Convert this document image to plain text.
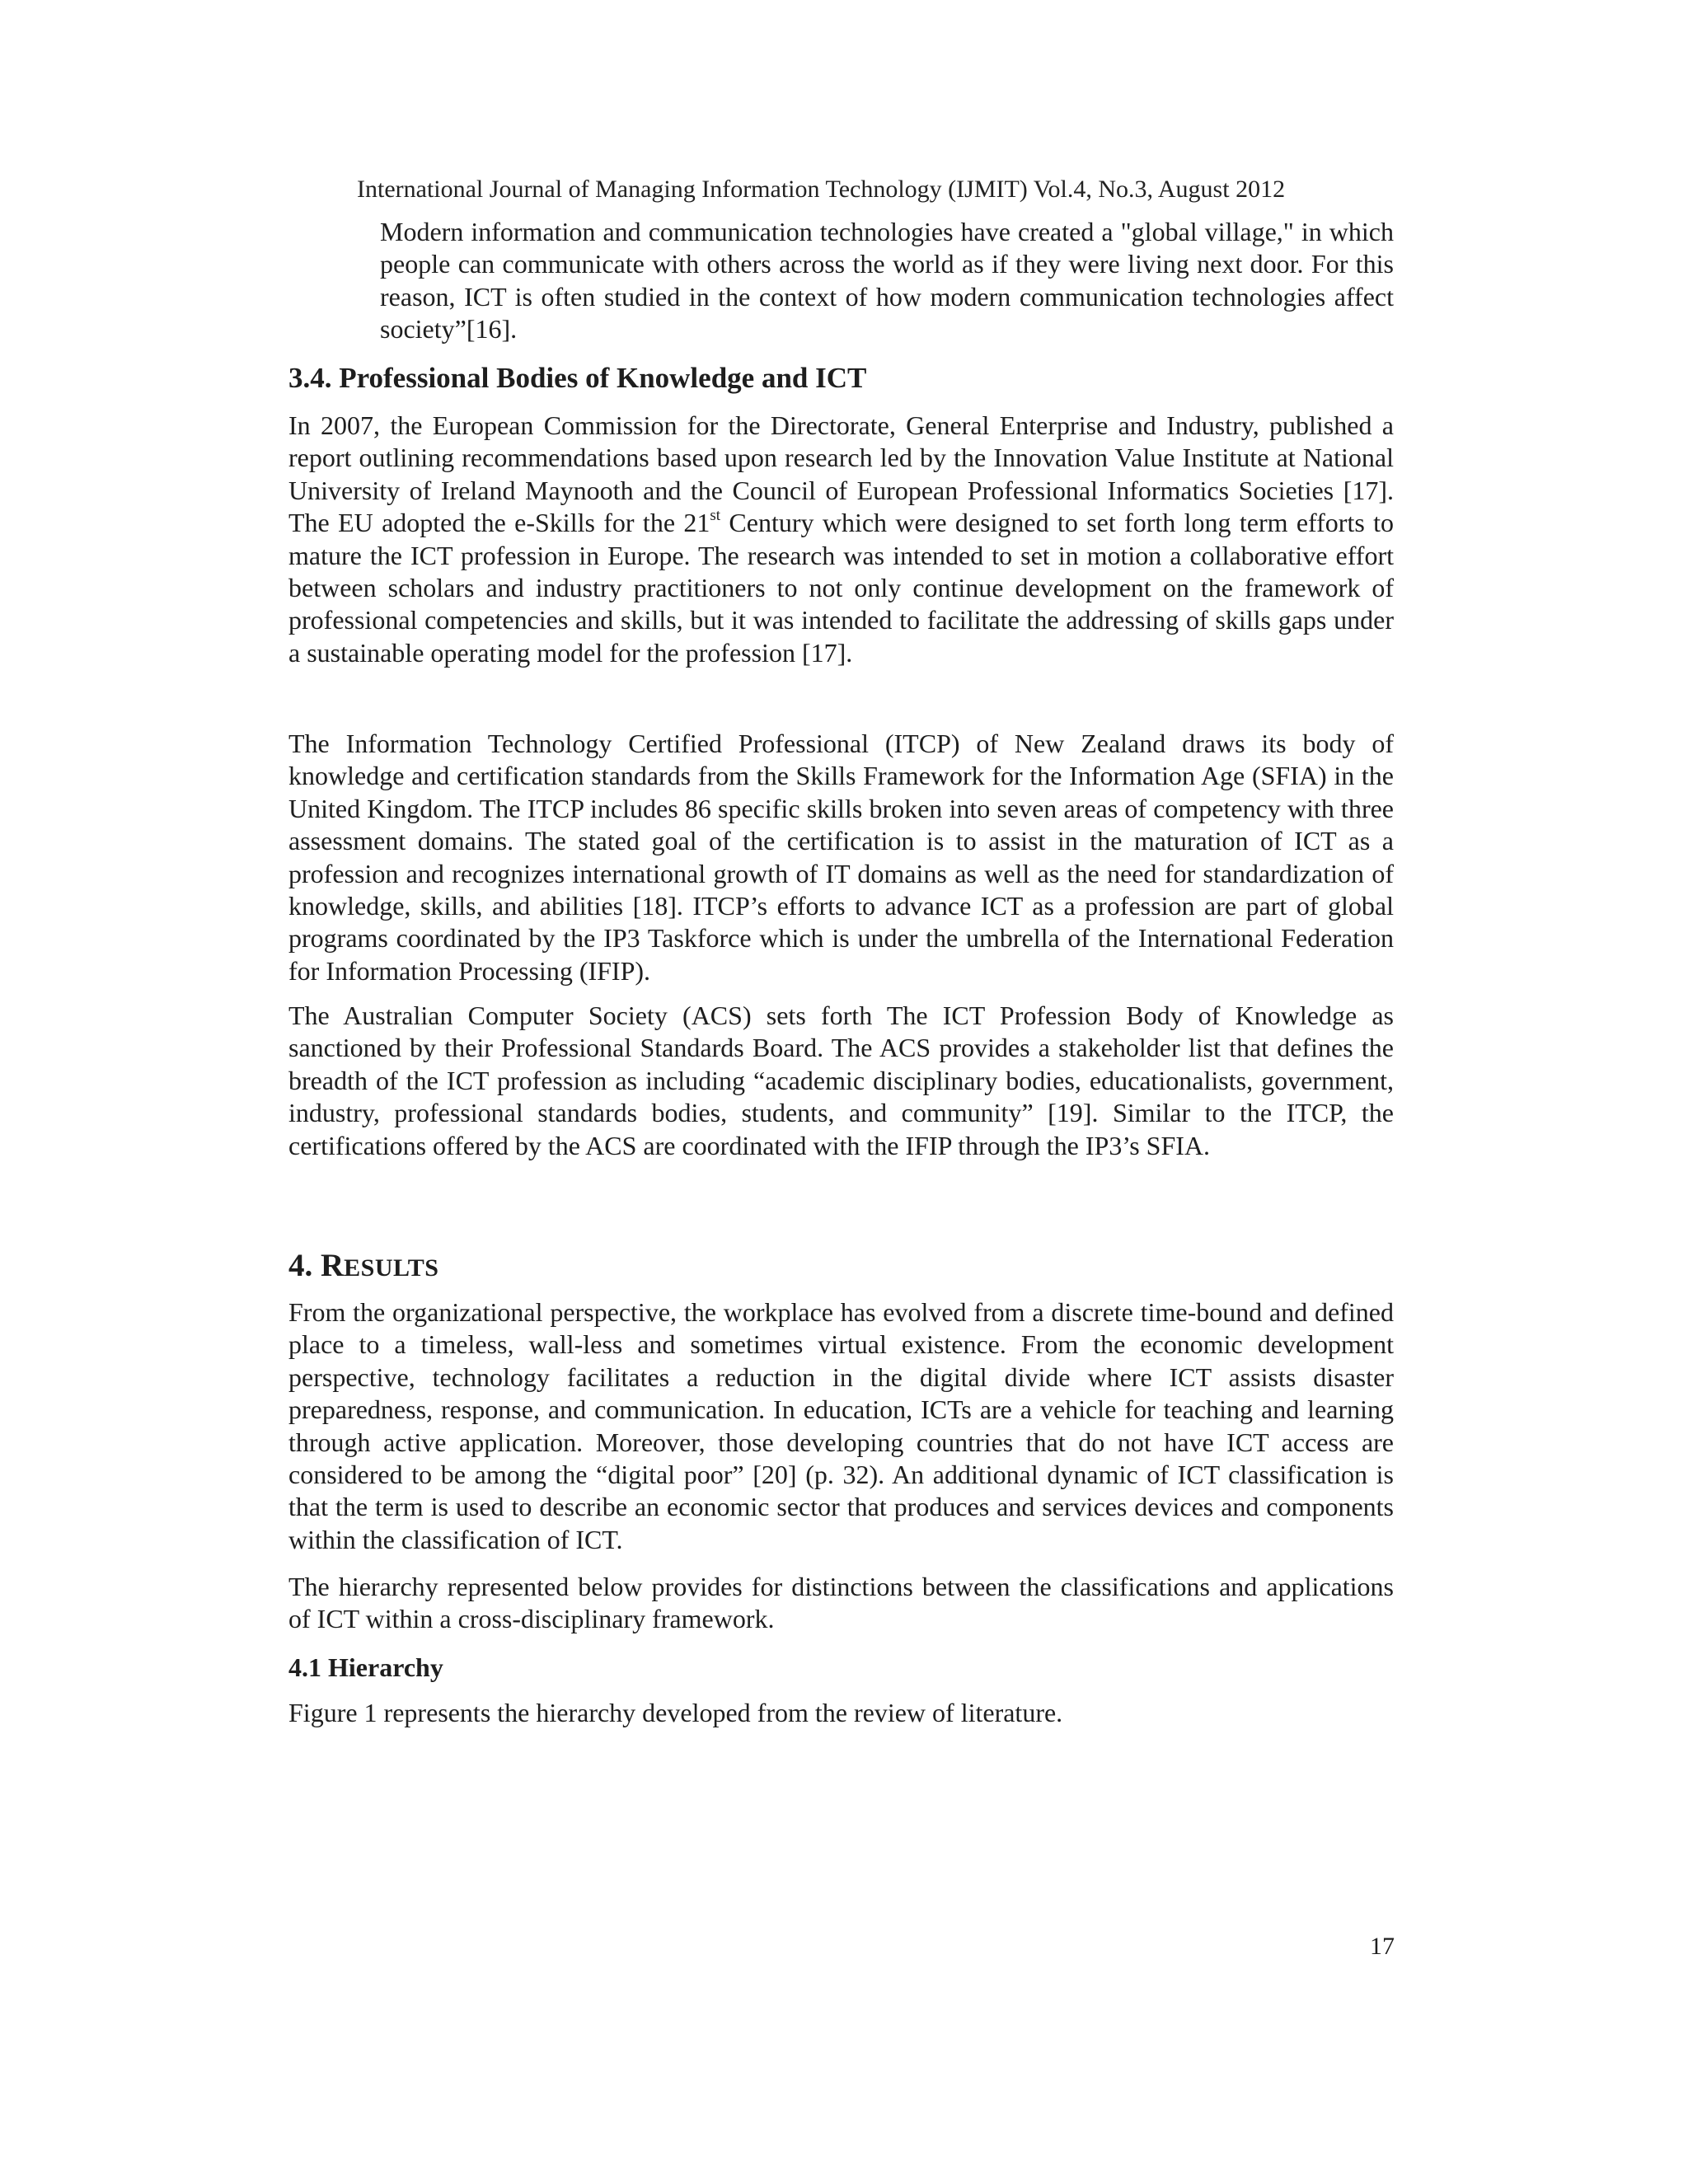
International Journal of Managing Information Technology (IJMIT) Vol.4, No.3, August 2012

Modern information and communication technologies have created a "global village," in which people can communicate with others across the world as if they were living next door. For this reason, ICT is often studied in the context of how modern communication technologies affect society”[16].

3.4. Professional Bodies of Knowledge and ICT

In 2007, the European Commission for the Directorate, General Enterprise and Industry, published a report outlining recommendations based upon research led by the Innovation Value Institute at National University of Ireland Maynooth and the Council of European Professional Informatics Societies [17]. The EU adopted the e-Skills for the 21st Century which were designed to set forth long term efforts to mature the ICT profession in Europe. The research was intended to set in motion a collaborative effort between scholars and industry practitioners to not only continue development on the framework of professional competencies and skills, but it was intended to facilitate the addressing of skills gaps under a sustainable operating model for the profession [17].

The Information Technology Certified Professional (ITCP) of New Zealand draws its body of knowledge and certification standards from the Skills Framework for the Information Age (SFIA) in the United Kingdom. The ITCP includes 86 specific skills broken into seven areas of competency with three assessment domains. The stated goal of the certification is to assist in the maturation of ICT as a profession and recognizes international growth of IT domains as well as the need for standardization of knowledge, skills, and abilities [18]. ITCP’s efforts to advance ICT as a profession are part of global programs coordinated by the IP3 Taskforce which is under the umbrella of the International Federation for Information Processing (IFIP).

The Australian Computer Society (ACS) sets forth The ICT Profession Body of Knowledge as sanctioned by their Professional Standards Board. The ACS provides a stakeholder list that defines the breadth of the ICT profession as including “academic disciplinary bodies, educationalists, government, industry, professional standards bodies, students, and community” [19]. Similar to the ITCP, the certifications offered by the ACS are coordinated with the IFIP through the IP3’s SFIA.

4. RESULTS

From the organizational perspective, the workplace has evolved from a discrete time-bound and defined place to a timeless, wall-less and sometimes virtual existence. From the economic development perspective, technology facilitates a reduction in the digital divide where ICT assists disaster preparedness, response, and communication. In education, ICTs are a vehicle for teaching and learning through active application. Moreover, those developing countries that do not have ICT access are considered to be among the “digital poor” [20] (p. 32). An additional dynamic of ICT classification is that the term is used to describe an economic sector that produces and services devices and components within the classification of ICT.

The hierarchy represented below provides for distinctions between the classifications and applications of ICT within a cross-disciplinary framework.

4.1 Hierarchy

Figure 1 represents the hierarchy developed from the review of literature.

17
